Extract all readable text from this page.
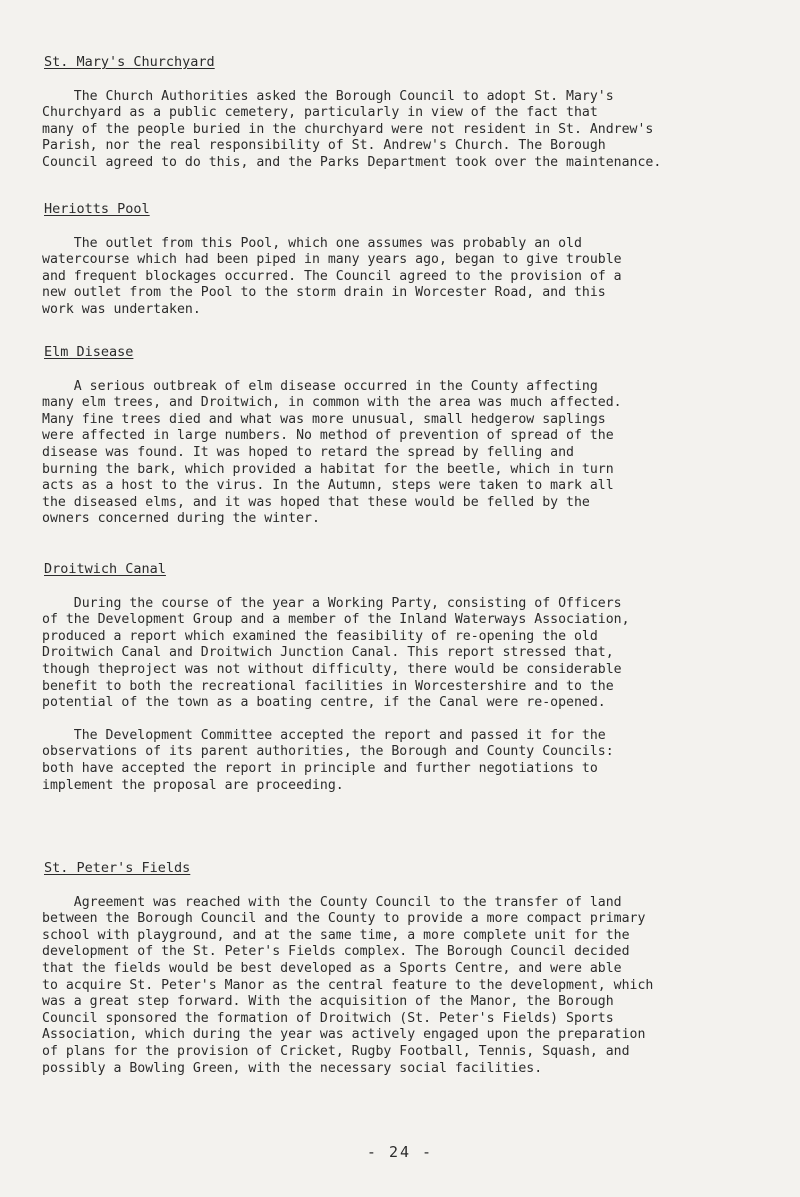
St. Mary's Churchyard

The Church Authorities asked the Borough Council to adopt St. Mary's
Churchyard as a public cemetery, particularly in view of the fact that
many of the people buried in the churchyard were not resident in St. Andrew's
Parish, nor the real responsibility of St. Andrew's Church. The Borough
Council agreed to do this, and the Parks Department took over the maintenance.

Heriotts Pool

The outlet from this Pool, which one assumes was probably an old
watercourse which had been piped in many years ago, began to give trouble
and frequent blockages occurred. The Council agreed to the provision of a
new outlet from the Pool to the storm drain in Worcester Road, and this
work was undertaken.

Elm Disease

A serious outbreak of elm disease occurred in the County affecting
many elm trees, and Droitwich, in common with the area was much affected.
Many fine trees died and what was more unusual, small hedgerow saplings
were affected in large numbers. No method of prevention of spread of the
disease was found. It was hoped to retard the spread by felling and
burning the bark, which provided a habitat for the beetle, which in turn
acts as a host to the virus. In the Autumn, steps were taken to mark all
the diseased elms, and it was hoped that these would be felled by the
owners concerned during the winter.

Droitwich Canal

During the course of the year a Working Party, consisting of Officers
of the Development Group and a member of the Inland Waterways Association,
produced a report which examined the feasibility of re-opening the old
Droitwich Canal and Droitwich Junction Canal. This report stressed that,
though theproject was not without difficulty, there would be considerable
benefit to both the recreational facilities in Worcestershire and to the
potential of the town as a boating centre, if the Canal were re-opened.

The Development Committee accepted the report and passed it for the
observations of its parent authorities, the Borough and County Councils:
both have accepted the report in principle and further negotiations to
implement the proposal are proceeding.

St. Peter's Fields

Agreement was reached with the County Council to the transfer of land
between the Borough Council and the County to provide a more compact primary
school with playground, and at the same time, a more complete unit for the
development of the St. Peter's Fields complex. The Borough Council decided
that the fields would be best developed as a Sports Centre, and were able
to acquire St. Peter's Manor as the central feature to the development, which
was a great step forward. With the acquisition of the Manor, the Borough
Council sponsored the formation of Droitwich (St. Peter's Fields) Sports
Association, which during the year was actively engaged upon the preparation
of plans for the provision of Cricket, Rugby Football, Tennis, Squash, and
possibly a Bowling Green, with the necessary social facilities.

- 24 -
